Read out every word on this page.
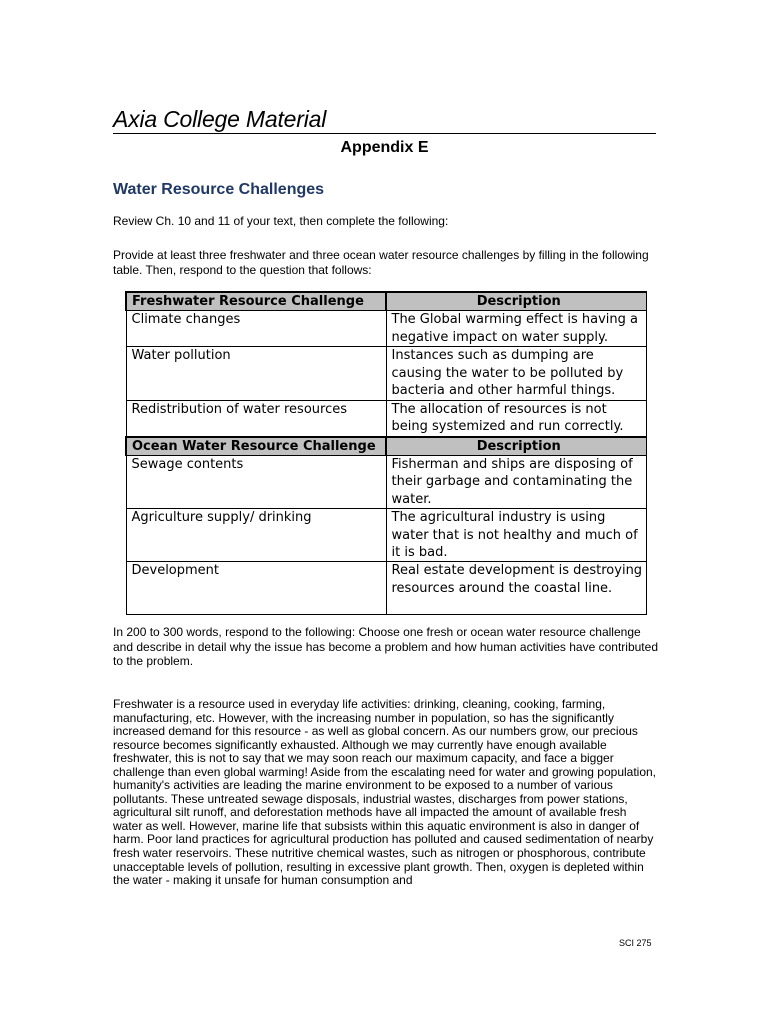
Axia College Material
Appendix E
Water Resource Challenges

Review Ch. 10 and 11 of your text, then complete the following:

Provide at least three freshwater and three ocean water resource challenges by filling in the following table. Then, respond to the question that follows:

Freshwater Resource Challenge	Description
Climate changes	The Global warming effect is having a negative impact on water supply.
Water pollution	Instances such as dumping are causing the water to be polluted by bacteria and other harmful things.
Redistribution of water resources	The allocation of resources is not being systemized and run correctly.
Ocean Water Resource Challenge	Description
Sewage contents	Fisherman and ships are disposing of their garbage and contaminating the water.
Agriculture supply/ drinking	The agricultural industry is using water that is not healthy and much of it is bad.
Development	Real estate development is destroying resources around the coastal line.

In 200 to 300 words, respond to the following: Choose one fresh or ocean water resource challenge and describe in detail why the issue has become a problem and how human activities have contributed to the problem.

Freshwater is a resource used in everyday life activities: drinking, cleaning, cooking, farming, manufacturing, etc. However, with the increasing number in population, so has the significantly increased demand for this resource - as well as global concern. As our numbers grow, our precious resource becomes significantly exhausted. Although we may currently have enough available freshwater, this is not to say that we may soon reach our maximum capacity, and face a bigger challenge than even global warming! Aside from the escalating need for water and growing population, humanity's activities are leading the marine environment to be exposed to a number of various pollutants. These untreated sewage disposals, industrial wastes, discharges from power stations, agricultural silt runoff, and deforestation methods have all impacted the amount of available fresh water as well. However, marine life that subsists within this aquatic environment is also in danger of harm. Poor land practices for agricultural production has polluted and caused sedimentation of nearby fresh water reservoirs. These nutritive chemical wastes, such as nitrogen or phosphorous, contribute unacceptable levels of pollution, resulting in excessive plant growth. Then, oxygen is depleted within the water - making it unsafe for human consumption and

SCI 275
